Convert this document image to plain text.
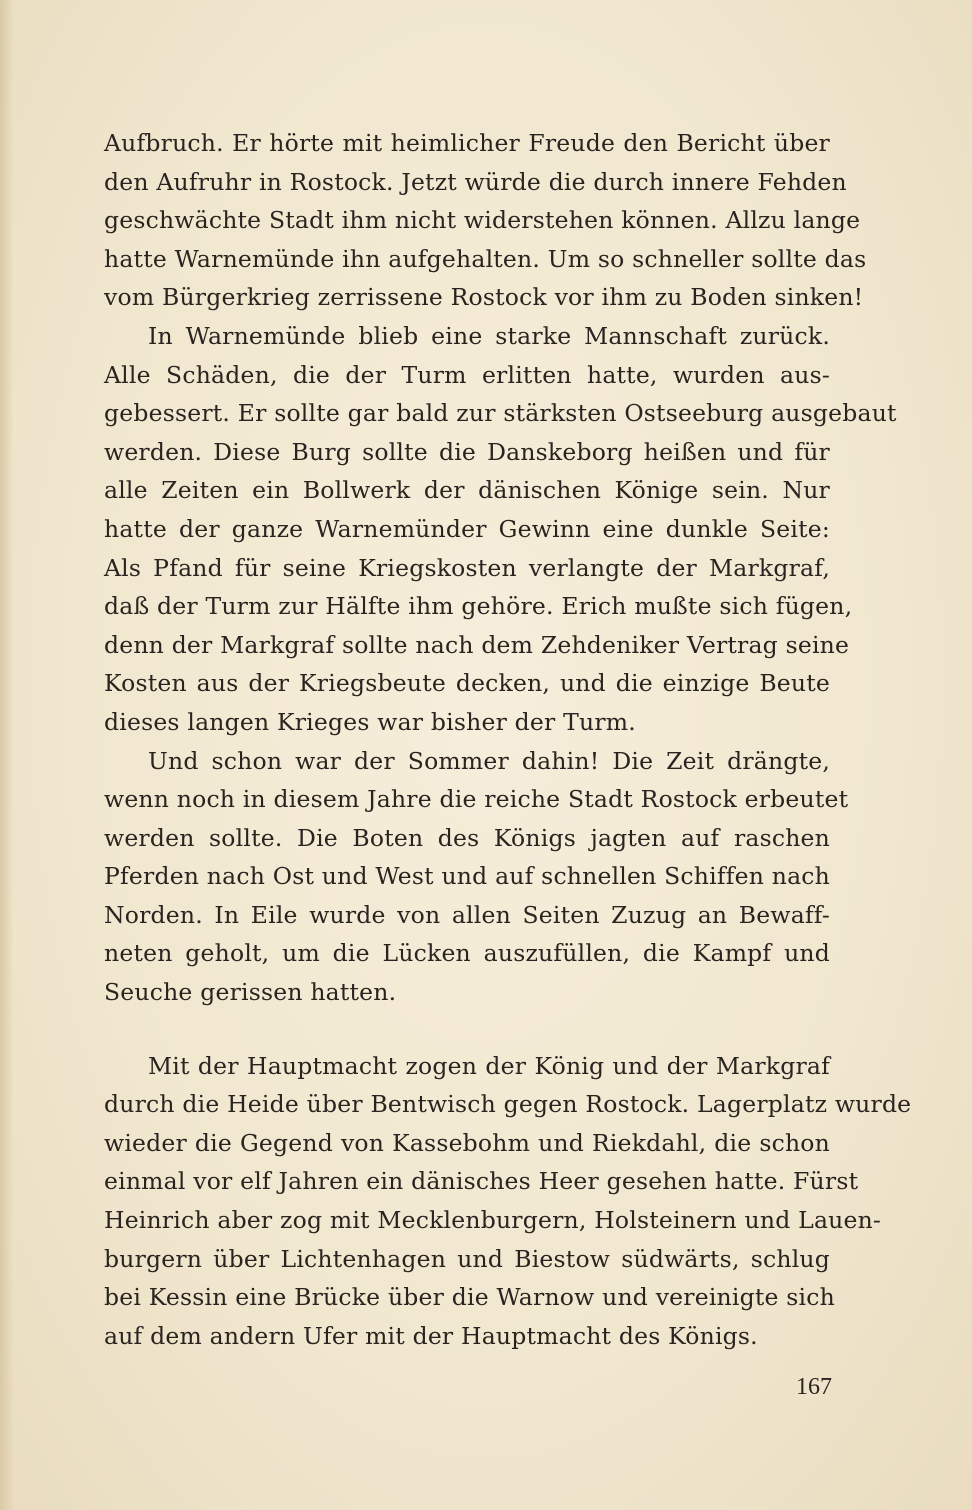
Aufbruch. Er hörte mit heimlicher Freude den Bericht über
den Aufruhr in Rostock. Jetzt würde die durch innere Fehden
geschwächte Stadt ihm nicht widerstehen können. Allzu lange
hatte Warnemünde ihn aufgehalten. Um so schneller sollte das
vom Bürgerkrieg zerrissene Rostock vor ihm zu Boden sinken!
In Warnemünde blieb eine starke Mannschaft zurück.
Alle Schäden, die der Turm erlitten hatte, wurden aus-
gebessert. Er sollte gar bald zur stärksten Ostseeburg ausgebaut
werden. Diese Burg sollte die Danskeborg heißen und für
alle Zeiten ein Bollwerk der dänischen Könige sein. Nur
hatte der ganze Warnemünder Gewinn eine dunkle Seite:
Als Pfand für seine Kriegskosten verlangte der Markgraf,
daß der Turm zur Hälfte ihm gehöre. Erich mußte sich fügen,
denn der Markgraf sollte nach dem Zehdeniker Vertrag seine
Kosten aus der Kriegsbeute decken, und die einzige Beute
dieses langen Krieges war bisher der Turm.
Und schon war der Sommer dahin! Die Zeit drängte,
wenn noch in diesem Jahre die reiche Stadt Rostock erbeutet
werden sollte. Die Boten des Königs jagten auf raschen
Pferden nach Ost und West und auf schnellen Schiffen nach
Norden. In Eile wurde von allen Seiten Zuzug an Bewaff-
neten geholt, um die Lücken auszufüllen, die Kampf und
Seuche gerissen hatten.
Mit der Hauptmacht zogen der König und der Markgraf
durch die Heide über Bentwisch gegen Rostock. Lagerplatz wurde
wieder die Gegend von Kassebohm und Riekdahl, die schon
einmal vor elf Jahren ein dänisches Heer gesehen hatte. Fürst
Heinrich aber zog mit Mecklenburgern, Holsteinern und Lauen-
burgern über Lichtenhagen und Biestow südwärts, schlug
bei Kessin eine Brücke über die Warnow und vereinigte sich
auf dem andern Ufer mit der Hauptmacht des Königs.
167
